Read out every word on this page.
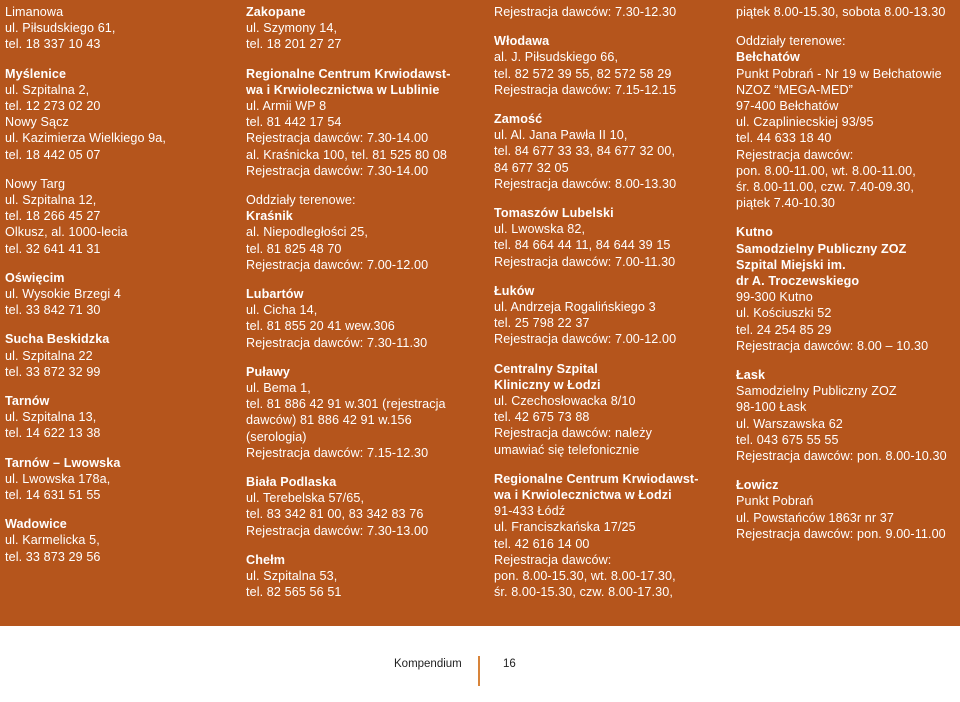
Limanowa
ul. Piłsudskiego 61,
tel. 18 337 10 43
Myślenice
ul. Szpitalna 2,
tel. 12 273 02 20
Nowy Sącz
ul. Kazimierza Wielkiego 9a,
tel. 18 442 05 07
Nowy Targ
ul. Szpitalna 12,
tel. 18 266 45 27
Olkusz, al. 1000-lecia
tel. 32 641 41 31
Oświęcim
ul. Wysokie Brzegi 4
tel. 33 842 71 30
Sucha Beskidzka
ul. Szpitalna 22
tel. 33 872 32 99
Tarnów
ul. Szpitalna 13,
tel. 14 622 13 38
Tarnów – Lwowska
ul. Lwowska 178a,
tel. 14 631 51 55
Wadowice
ul. Karmelicka 5,
tel. 33 873 29 56
Zakopane
ul. Szymony 14,
tel. 18 201 27 27
Regionalne Centrum Krwiodawst-
wa i Krwiolecznictwa w Lublinie
ul. Armii WP 8
tel. 81 442 17 54
Rejestracja dawców: 7.30-14.00
al. Kraśnicka 100, tel. 81 525 80 08
Rejestracja dawców: 7.30-14.00
Oddziały terenowe:
Kraśnik
al. Niepodległości 25,
tel. 81 825 48 70
Rejestracja dawców: 7.00-12.00
Lubartów
ul. Cicha 14,
tel. 81 855 20 41 wew.306
Rejestracja dawców: 7.30-11.30
Puławy
ul. Bema 1,
tel. 81 886 42 91 w.301 (rejestracja
dawców) 81 886 42 91 w.156
(serologia)
Rejestracja dawców: 7.15-12.30
Biała Podlaska
ul. Terebelska 57/65,
tel. 83 342 81 00, 83 342 83 76
Rejestracja dawców: 7.30-13.00
Chełm
ul. Szpitalna 53,
tel. 82 565 56 51
Rejestracja dawców: 7.30-12.30
Włodawa
al. J. Piłsudskiego 66,
tel. 82 572 39 55, 82 572 58 29
Rejestracja dawców: 7.15-12.15
Zamość
ul. Al. Jana Pawła II 10,
tel. 84 677 33 33, 84 677 32 00,
84 677 32 05
Rejestracja dawców: 8.00-13.30
Tomaszów Lubelski
ul. Lwowska 82,
tel. 84 664 44 11, 84 644 39 15
Rejestracja dawców: 7.00-11.30
Łuków
ul. Andrzeja Rogalińskiego 3
tel. 25 798 22 37
Rejestracja dawców: 7.00-12.00
Centralny Szpital
Kliniczny w Łodzi
ul. Czechosłowacka 8/10
tel. 42 675 73 88
Rejestracja dawców: należy
umawiać się telefonicznie
Regionalne Centrum Krwiodawst-
wa i Krwiolecznictwa w Łodzi
91-433 Łódź
ul. Franciszkańska 17/25
tel. 42 616 14 00
Rejestracja dawców:
pon. 8.00-15.30, wt. 8.00-17.30,
śr. 8.00-15.30, czw. 8.00-17.30,
piątek 8.00-15.30, sobota 8.00-13.30
Oddziały terenowe:
Bełchatów
Punkt Pobrań - Nr 19 w Bełchatowie
NZOZ “MEGA-MED”
97-400 Bełchatów
ul. Czapliniecskiej 93/95
tel. 44 633 18 40
Rejestracja dawców:
pon. 8.00-11.00, wt. 8.00-11.00,
śr. 8.00-11.00, czw. 7.40-09.30,
piątek 7.40-10.30
Kutno
Samodzielny Publiczny ZOZ
Szpital Miejski im.
dr A. Troczewskiego
99-300 Kutno
ul. Kościuszki 52
tel. 24 254 85 29
Rejestracja dawców: 8.00 – 10.30
Łask
Samodzielny Publiczny ZOZ
98-100 Łask
ul. Warszawska 62
tel. 043 675 55 55
Rejestracja dawców: pon. 8.00-10.30
Łowicz
Punkt Pobrań
ul. Powstańców 1863r nr 37
Rejestracja dawców: pon. 9.00-11.00
Kompendium	16
